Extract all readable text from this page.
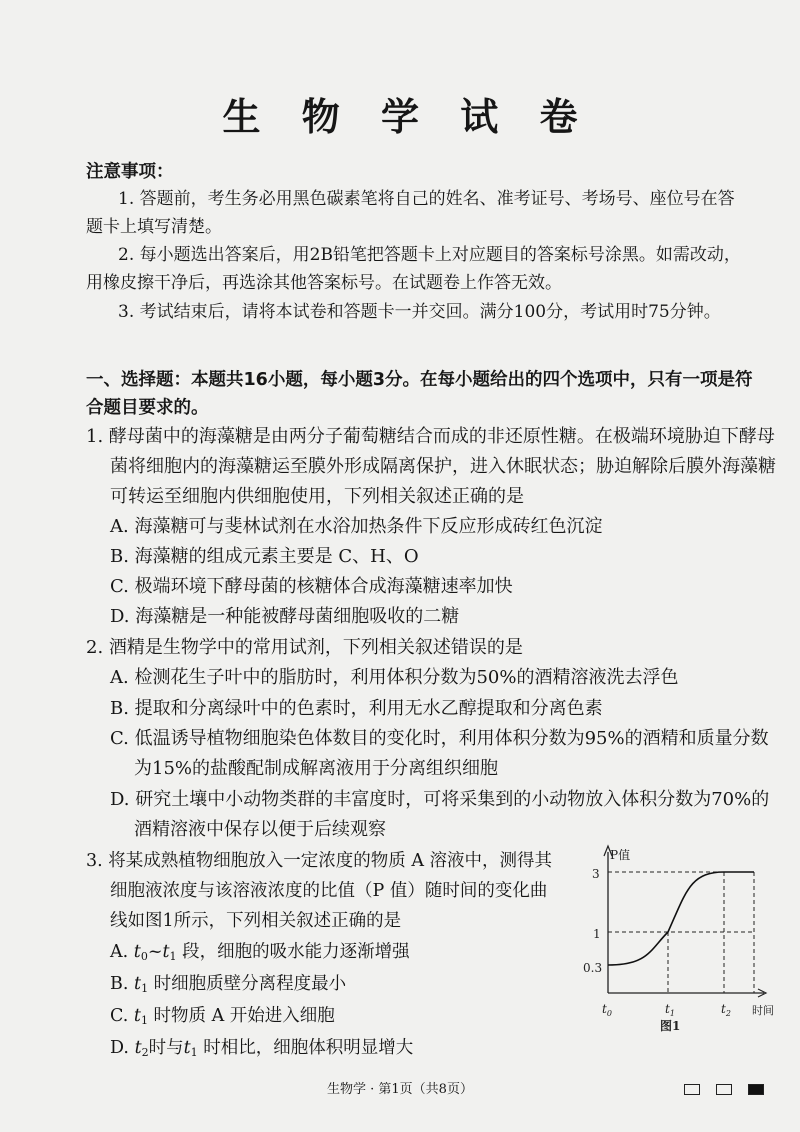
生 物 学 试 卷
注意事项：
1. 答题前，考生务必用黑色碳素笔将自己的姓名、准考证号、考场号、座位号在答
题卡上填写清楚。
2. 每小题选出答案后，用2B铅笔把答题卡上对应题目的答案标号涂黑。如需改动，
用橡皮擦干净后，再选涂其他答案标号。在试题卷上作答无效。
3. 考试结束后，请将本试卷和答题卡一并交回。满分100分，考试用时75分钟。
一、选择题：本题共16小题，每小题3分。在每小题给出的四个选项中，只有一项是符
合题目要求的。
1. 酵母菌中的海藻糖是由两分子葡萄糖结合而成的非还原性糖。在极端环境胁迫下酵母
菌将细胞内的海藻糖运至膜外形成隔离保护，进入休眠状态；胁迫解除后膜外海藻糖
可转运至细胞内供细胞使用，下列相关叙述正确的是
A. 海藻糖可与斐林试剂在水浴加热条件下反应形成砖红色沉淀
B. 海藻糖的组成元素主要是 C、H、O
C. 极端环境下酵母菌的核糖体合成海藻糖速率加快
D. 海藻糖是一种能被酵母菌细胞吸收的二糖
2. 酒精是生物学中的常用试剂，下列相关叙述错误的是
A. 检测花生子叶中的脂肪时，利用体积分数为50%的酒精溶液洗去浮色
B. 提取和分离绿叶中的色素时，利用无水乙醇提取和分离色素
C. 低温诱导植物细胞染色体数目的变化时，利用体积分数为95%的酒精和质量分数
为15%的盐酸配制成解离液用于分离组织细胞
D. 研究土壤中小动物类群的丰富度时，可将采集到的小动物放入体积分数为70%的
酒精溶液中保存以便于后续观察
3. 将某成熟植物细胞放入一定浓度的物质 A 溶液中，测得其
细胞液浓度与该溶液浓度的比值（P 值）随时间的变化曲
线如图1所示，下列相关叙述正确的是
A. $t_0\sim t_1$ 段，细胞的吸水能力逐渐增强
B. $t_1$ 时细胞质壁分离程度最小
C. $t_1$ 时物质 A 开始进入细胞
D. $t_2$时与$t_1$ 时相比，细胞体积明显增大
P值
时间
3
1
0.3
$t_0$	$t_1$	$t_2$
图1
生物学 · 第1页（共8页）
